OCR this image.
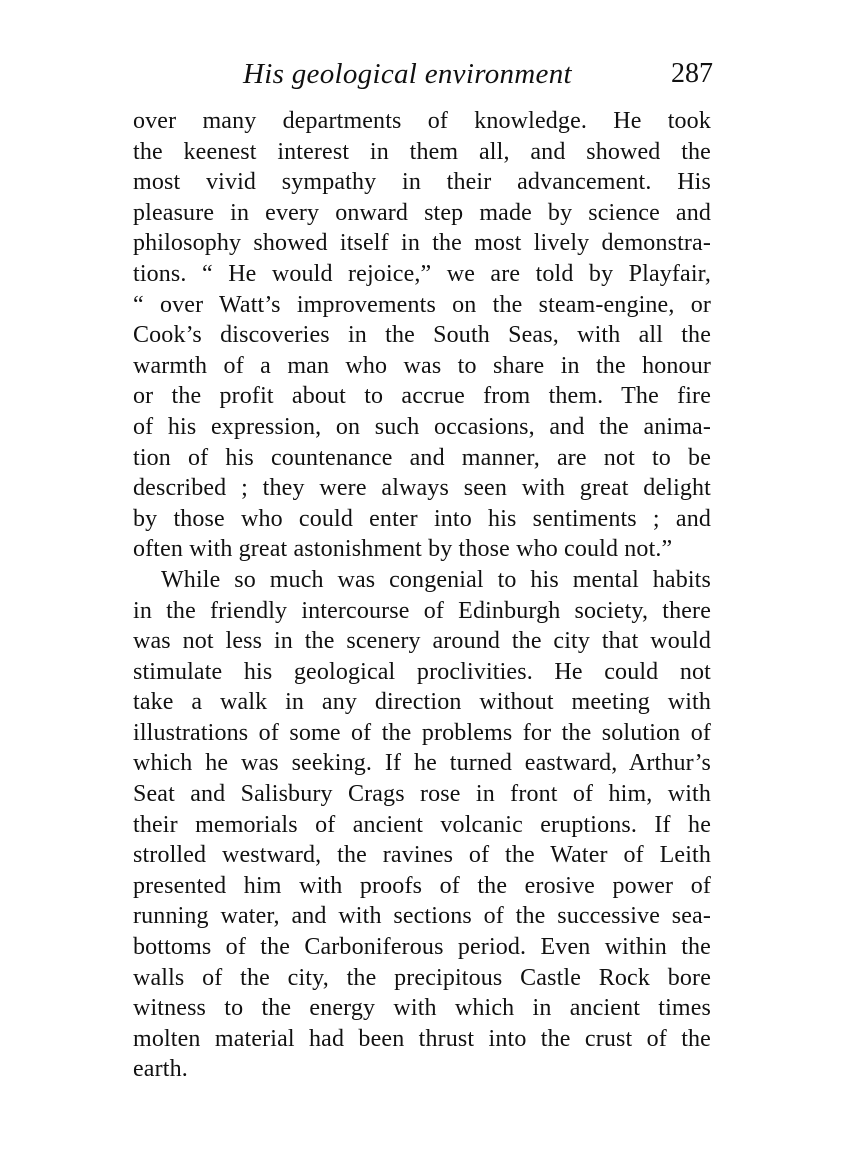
His geological environment	287
over many departments of knowledge. He took
the keenest interest in them all, and showed the
most vivid sympathy in their advancement. His
pleasure in every onward step made by science and
philosophy showed itself in the most lively demonstra-
tions. “ He would rejoice,” we are told by Playfair,
“ over Watt’s improvements on the steam-engine, or
Cook’s discoveries in the South Seas, with all the
warmth of a man who was to share in the honour
or the profit about to accrue from them. The fire
of his expression, on such occasions, and the anima-
tion of his countenance and manner, are not to be
described ; they were always seen with great delight
by those who could enter into his sentiments ; and
often with great astonishment by those who could not.”
While so much was congenial to his mental habits
in the friendly intercourse of Edinburgh society, there
was not less in the scenery around the city that would
stimulate his geological proclivities. He could not
take a walk in any direction without meeting with
illustrations of some of the problems for the solution of
which he was seeking. If he turned eastward, Arthur’s
Seat and Salisbury Crags rose in front of him, with
their memorials of ancient volcanic eruptions. If he
strolled westward, the ravines of the Water of Leith
presented him with proofs of the erosive power of
running water, and with sections of the successive sea-
bottoms of the Carboniferous period. Even within the
walls of the city, the precipitous Castle Rock bore
witness to the energy with which in ancient times
molten material had been thrust into the crust of the
earth.
